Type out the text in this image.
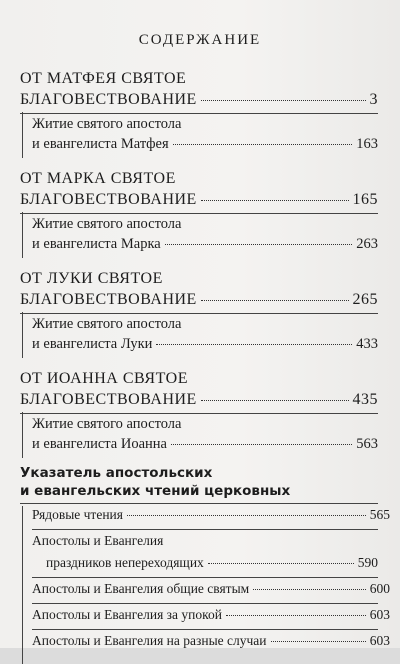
СОДЕРЖАНИЕ
ОТ МАТФЕЯ СВЯТОЕ
БЛАГОВЕСТВОВАНИЕ	3
Житие святого апостола
и евангелиста Матфея	163
ОТ МАРКА СВЯТОЕ
БЛАГОВЕСТВОВАНИЕ	165
Житие святого апостола
и евангелиста Марка	263
ОТ ЛУКИ СВЯТОЕ
БЛАГОВЕСТВОВАНИЕ	265
Житие святого апостола
и евангелиста Луки	433
ОТ ИОАННА СВЯТОЕ
БЛАГОВЕСТВОВАНИЕ	435
Житие святого апостола
и евангелиста Иоанна	563
Указатель апостольских
и евангельских чтений церковных
Рядовые чтения	565
Апостолы и Евангелия
праздников непереходящих	590
Апостолы и Евангелия общие святым	600
Апостолы и Евангелия за упокой	603
Апостолы и Евангелия на разные случаи	603
